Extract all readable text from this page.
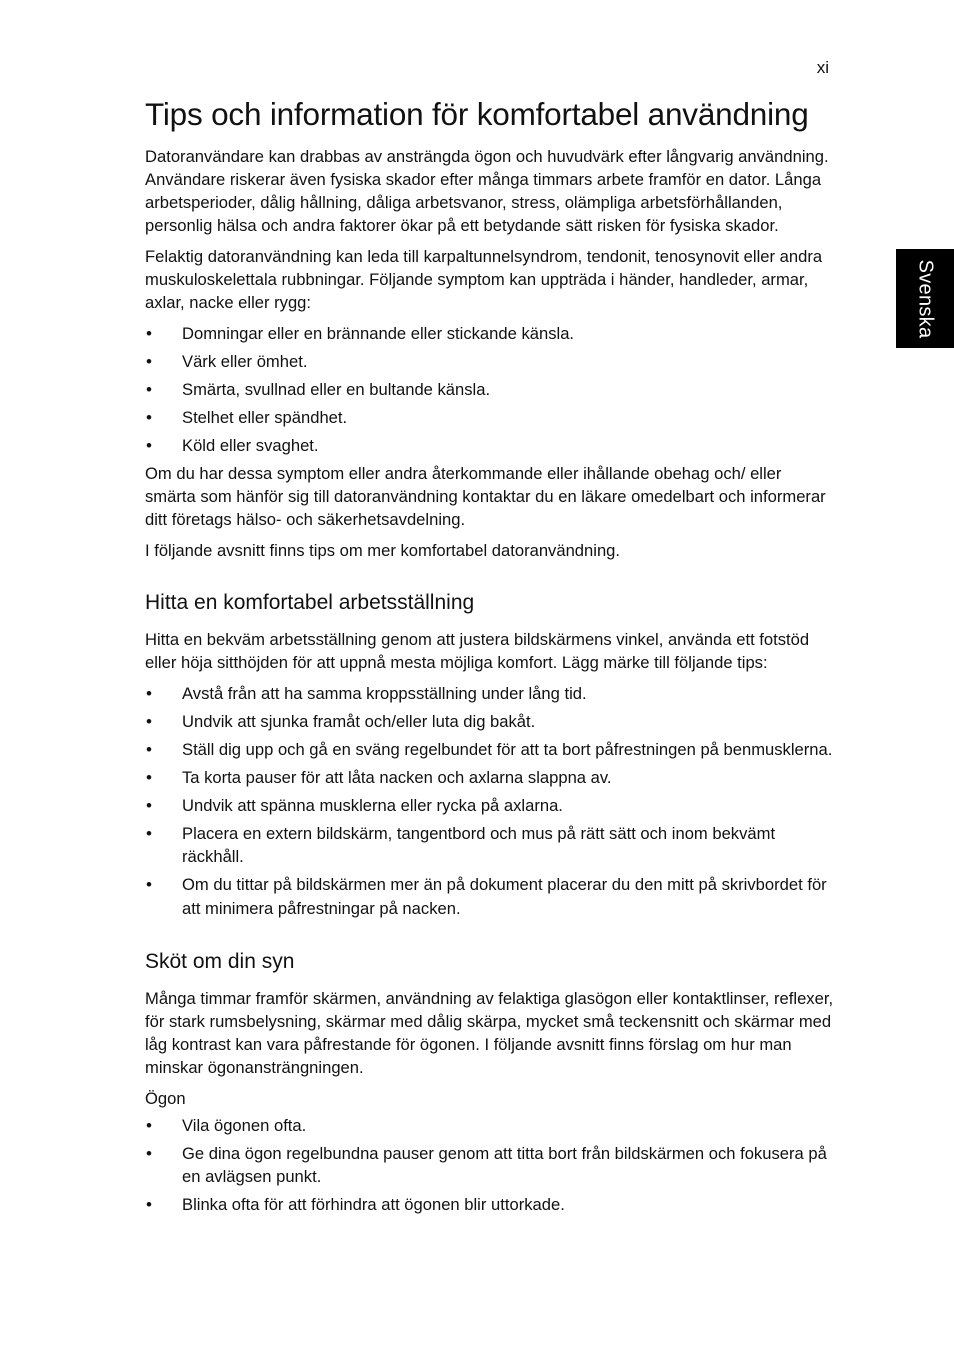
xi
Svenska
Tips och information för komfortabel användning

Datoranvändare kan drabbas av ansträngda ögon och huvudvärk efter långvarig användning. Användare riskerar även fysiska skador efter många timmars arbete framför en dator. Långa arbetsperioder, dålig hållning, dåliga arbetsvanor, stress, olämpliga arbetsförhållanden, personlig hälsa och andra faktorer ökar på ett betydande sätt risken för fysiska skador.

Felaktig datoranvändning kan leda till karpaltunnelsyndrom, tendonit, tenosynovit eller andra muskuloskelettala rubbningar. Följande symptom kan uppträda i händer, handleder, armar, axlar, nacke eller rygg:

• Domningar eller en brännande eller stickande känsla.
• Värk eller ömhet.
• Smärta, svullnad eller en bultande känsla.
• Stelhet eller spändhet.
• Köld eller svaghet.

Om du har dessa symptom eller andra återkommande eller ihållande obehag och/ eller smärta som hänför sig till datoranvändning kontaktar du en läkare omedelbart och informerar ditt företags hälso- och säkerhetsavdelning.

I följande avsnitt finns tips om mer komfortabel datoranvändning.

Hitta en komfortabel arbetsställning

Hitta en bekväm arbetsställning genom att justera bildskärmens vinkel, använda ett fotstöd eller höja sitthöjden för att uppnå mesta möjliga komfort. Lägg märke till följande tips:

• Avstå från att ha samma kroppsställning under lång tid.
• Undvik att sjunka framåt och/eller luta dig bakåt.
• Ställ dig upp och gå en sväng regelbundet för att ta bort påfrestningen på benmusklerna.
• Ta korta pauser för att låta nacken och axlarna slappna av.
• Undvik att spänna musklerna eller rycka på axlarna.
• Placera en extern bildskärm, tangentbord och mus på rätt sätt och inom bekvämt räckhåll.
• Om du tittar på bildskärmen mer än på dokument placerar du den mitt på skrivbordet för att minimera påfrestningar på nacken.
Sköt om din syn

Många timmar framför skärmen, användning av felaktiga glasögon eller kontaktlinser, reflexer, för stark rumsbelysning, skärmar med dålig skärpa, mycket små teckensnitt och skärmar med låg kontrast kan vara påfrestande för ögonen. I följande avsnitt finns förslag om hur man minskar ögonansträngningen.

Ögon

• Vila ögonen ofta.
• Ge dina ögon regelbundna pauser genom att titta bort från bildskärmen och fokusera på en avlägsen punkt.
• Blinka ofta för att förhindra att ögonen blir uttorkade.
